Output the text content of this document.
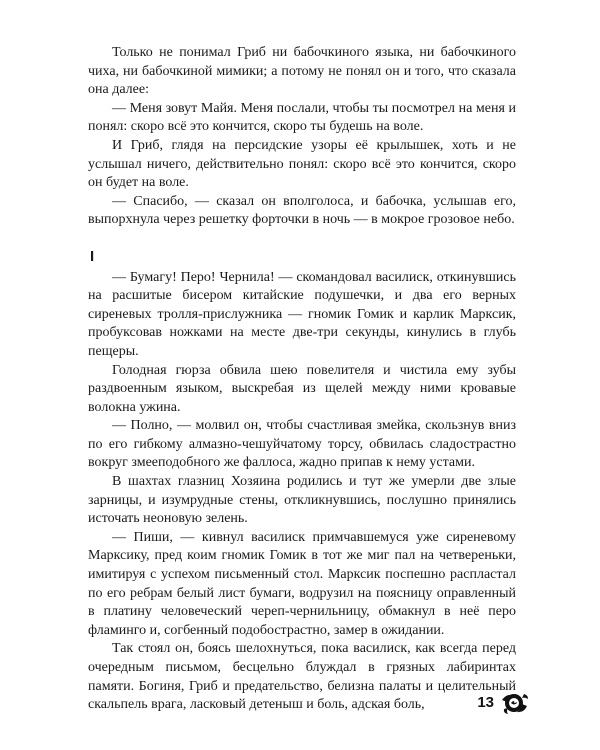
Только не понимал Гриб ни бабочкиного языка, ни бабочкиного чиха, ни бабочкиной мимики; а потому не понял он и того, что сказала она далее:

— Меня зовут Майя. Меня послали, чтобы ты посмотрел на меня и понял: скоро всё это кончится, скоро ты будешь на воле.

И Гриб, глядя на персидские узоры её крылышек, хоть и не услышал ничего, действительно понял: скоро всё это кончится, скоро он будет на воле.

— Спасибо, — сказал он вполголоса, и бабочка, услышав его, выпорхнула через решетку форточки в ночь — в мокрое грозовое небо.

I

— Бумагу! Перо! Чернила! — скомандовал василиск, откинувшись на расшитые бисером китайские подушечки, и два его верных сиреневых тролля-прислужника — гномик Гомик и карлик Марксик, пробуксовав ножками на месте две-три секунды, кинулись в глубь пещеры.

Голодная гюрза обвила шею повелителя и чистила ему зубы раздвоенным языком, выскребая из щелей между ними кровавые волокна ужина.

— Полно, — молвил он, чтобы счастливая змейка, скользнув вниз по его гибкому алмазно-чешуйчатому торсу, обвилась сладострастно вокруг змееподобного же фаллоса, жадно припав к нему устами.

В шахтах глазниц Хозяина родились и тут же умерли две злые зарницы, и изумрудные стены, откликнувшись, послушно принялись источать неоновую зелень.

— Пиши, — кивнул василиск примчавшемуся уже сиреневому Марксику, пред коим гномик Гомик в тот же миг пал на четвереньки, имитируя с успехом письменный стол. Марксик поспешно распластал по его ребрам белый лист бумаги, водрузил на поясницу оправленный в платину человеческий череп-чернильницу, обмакнул в неё перо фламинго и, согбенный подобострастно, замер в ожидании.

Так стоял он, боясь шелохнуться, пока василиск, как всегда перед очередным письмом, бесцельно блуждал в грязных лабиринтах памяти. Богиня, Гриб и предательство, белизна палаты и целительный скальпель врага, ласковый детеныш и боль, адская боль,	13
